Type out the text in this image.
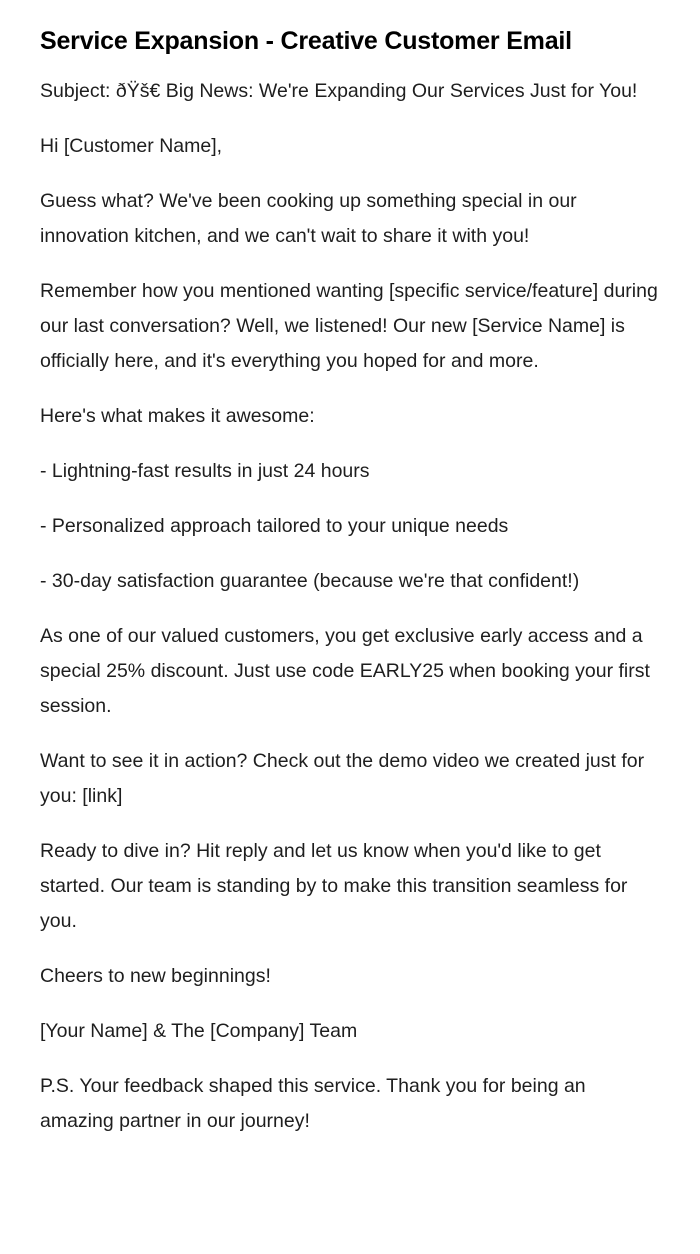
Service Expansion - Creative Customer Email

Subject: ðŸš€ Big News: We're Expanding Our Services Just for You!

Hi [Customer Name],

Guess what? We've been cooking up something special in our innovation kitchen, and we can't wait to share it with you!

Remember how you mentioned wanting [specific service/feature] during our last conversation? Well, we listened! Our new [Service Name] is officially here, and it's everything you hoped for and more.

Here's what makes it awesome:

- Lightning-fast results in just 24 hours

- Personalized approach tailored to your unique needs

- 30-day satisfaction guarantee (because we're that confident!)

As one of our valued customers, you get exclusive early access and a special 25% discount. Just use code EARLY25 when booking your first session.

Want to see it in action? Check out the demo video we created just for you: [link]

Ready to dive in? Hit reply and let us know when you'd like to get started. Our team is standing by to make this transition seamless for you.

Cheers to new beginnings!

[Your Name] & The [Company] Team

P.S. Your feedback shaped this service. Thank you for being an amazing partner in our journey!
